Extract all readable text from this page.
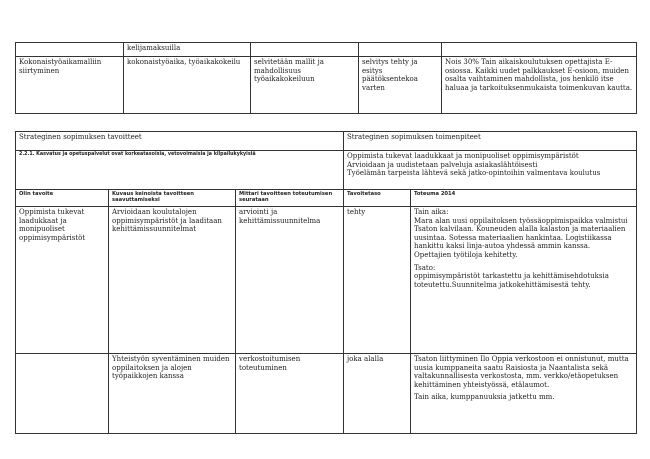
	kelijamaksuilla			
Kokonaistyöaikamalliin siirtyminen	kokonaistyöaika, työaikakokeilu	selvitetään mallit ja mahdollisuus työaikakokeiluun	selvitys tehty ja esitys päätöksentekoa varten	Nois 30% Tain aikaiskoulutuksen opettajista E-osiossa. Kaikki uudet palkkaukset E-osioon, muiden osalta vaihtaminen mahdollista, jos henkilö itse haluaa ja tarkoituksenmukaista toimenkuvan kautta.
Strateginen sopimuksen tavoitteet			Strateginen sopimuksen toimenpiteet	
2.2.1. Kasvatus ja opetuspalvelut ovat korkeatasoisia, vetovoimaisia ja kilpailukykyisiä			Oppimista tukevat laadukkaat ja monipuoliset oppimisympäristöt
Arvioidaan ja uudistetaan palveluja asiakaslähtöisesti
Työelämän tarpeista lähtevä sekä jatko-opintoihin valmentava koulutus	
Olin tavoite	Kuvaus keinoista tavoitteen saavuttamiseksi	Mittari tavoitteen toteutumisen seurataan	Tavoitetaso	Toteuma 2014
Oppimista tukevat laadukkaat ja monipuoliset oppimisympäristöt	Arvioidaan koulutalojen oppimisympäristöt ja laaditaan kehittämissuunnitelmat	arviointi ja kehittämissuunnitelma	tehty	Tain aika:
Mara alan uusi oppilaitoksen työssäoppimispaikka valmistui Tsaton kalvilaan. Kouneuden alalla kalaston ja materiaalien uusintaa. Sotessa materiaalien hankintaa. Logistiikassa hankittu kaksi linja-autoa yhdessä ammin kanssa.
Opettajien työtiloja kehitetty.
Tsato:
oppimisympäristöt tarkastettu ja kehittämisehdotuksia toteutettu.Suunnitelma jatkokehittämisestä tehty.

	Yhteistyön syventäminen muiden oppilaitoksen ja alojen työpaikkojen kanssa	verkostoitumisen toteutuminen	joka alalla	Tsaton liittyminen Ilo Oppia verkostoon ei onnistunut, mutta uusia kumppaneita saatu Raisiosta ja Naantalista sekä valtakunnallisesta verkostosta, mm. verkko/etäopetuksen kehittäminen yhteistyössä, etälaumot.
Tain aika, kumppanuuksia jatkettu mm.
